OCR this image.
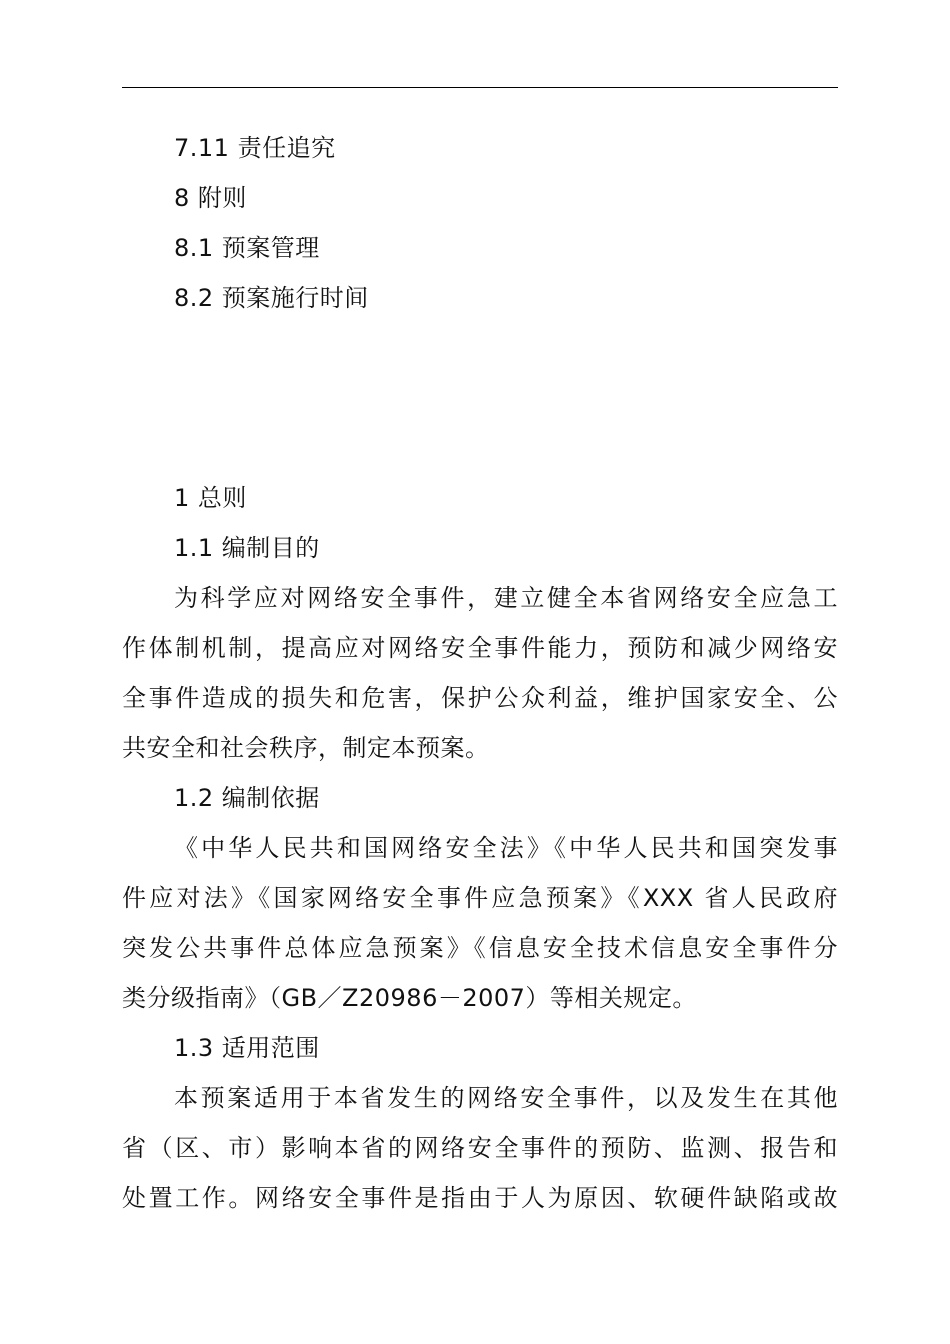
7.11 责任追究
8 附则
8.1 预案管理
8.2 预案施行时间
1 总则
1.1 编制目的
为科学应对网络安全事件，建立健全本省网络安全应急工
作体制机制，提高应对网络安全事件能力，预防和减少网络安
全事件造成的损失和危害，保护公众利益，维护国家安全、公
共安全和社会秩序，制定本预案。
1.2 编制依据
《中华人民共和国网络安全法》《中华人民共和国突发事
件应对法》《国家网络安全事件应急预案》《XXX 省人民政府
突发公共事件总体应急预案》《信息安全技术信息安全事件分
类分级指南》（GB／Z20986－2007）等相关规定。
1.3 适用范围
本预案适用于本省发生的网络安全事件，以及发生在其他
省（区、市）影响本省的网络安全事件的预防、监测、报告和
处置工作。网络安全事件是指由于人为原因、软硬件缺陷或故
